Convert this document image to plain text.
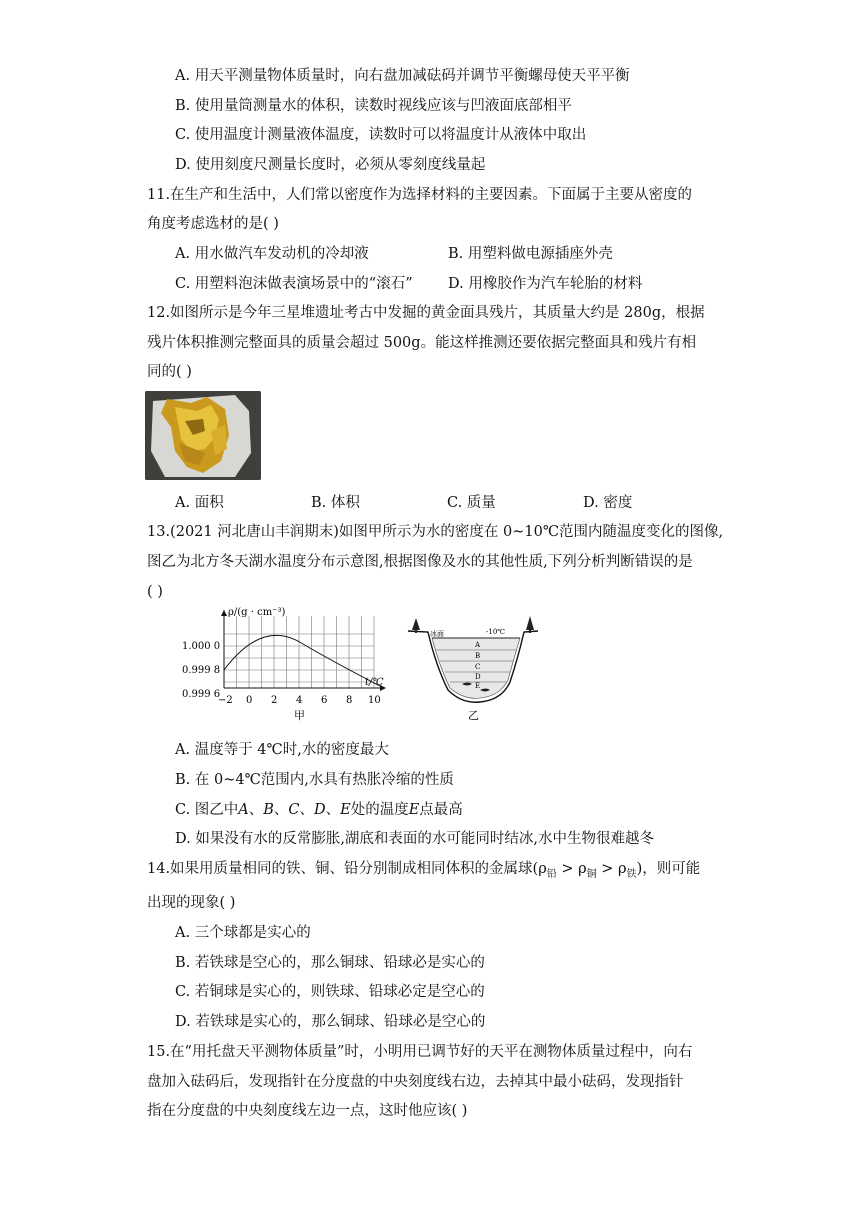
A. 用天平测量物体质量时，向右盘加减砝码并调节平衡螺母使天平平衡
B. 使用量筒测量水的体积，读数时视线应该与凹液面底部相平
C. 使用温度计测量液体温度，读数时可以将温度计从液体中取出
D. 使用刻度尺测量长度时，必须从零刻度线量起
11.在生产和生活中，人们常以密度作为选择材料的主要因素。下面属于主要从密度的
角度考虑选材的是( )
A. 用水做汽车发动机的冷却液	B. 用塑料做电源插座外壳
C. 用塑料泡沫做表演场景中的“滚石” D. 用橡胶作为汽车轮胎的材料
12.如图所示是今年三星堆遗址考古中发掘的黄金面具残片，其质量大约是 280g，根据
残片体积推测完整面具的质量会超过 500g。能这样推测还要依据完整面具和残片有相
同的( )
A. 面积	B. 体积	C. 质量	D. 密度
13.(2021 河北唐山丰润期末)如图甲所示为水的密度在 0~10℃范围内随温度变化的图像,
图乙为北方冬天湖水温度分布示意图,根据图像及水的其他性质,下列分析判断错误的是
( )
ρ/(g · cm⁻³)
t/℃
1.000 0
0.999 8
0.999 6
−2 0 2 4 6 8 10
甲
冰面	-10℃
A
B
C
D
E
乙
A. 温度等于 4℃时,水的密度最大
B. 在 0~4℃范围内,水具有热胀冷缩的性质
C. 图乙中𝐴、𝐵、𝐶、𝐷、𝐸处的温度𝐸点最高
D. 如果没有水的反常膨胀,湖底和表面的水可能同时结冰,水中生物很难越冬
14.如果用质量相同的铁、铜、铅分别制成相同体积的金属球$(\rho_铅 > \rho_铜 > \rho_铁)$，则可能
出现的现象( )
A. 三个球都是实心的
B. 若铁球是空心的，那么铜球、铅球必是实心的
C. 若铜球是实心的，则铁球、铅球必定是空心的
D. 若铁球是实心的，那么铜球、铅球必是空心的
15.在“用托盘天平测物体质量”时，小明用已调节好的天平在测物体质量过程中，向右
盘加入砝码后，发现指针在分度盘的中央刻度线右边，去掉其中最小砝码，发现指针
指在分度盘的中央刻度线左边一点，这时他应该( )
